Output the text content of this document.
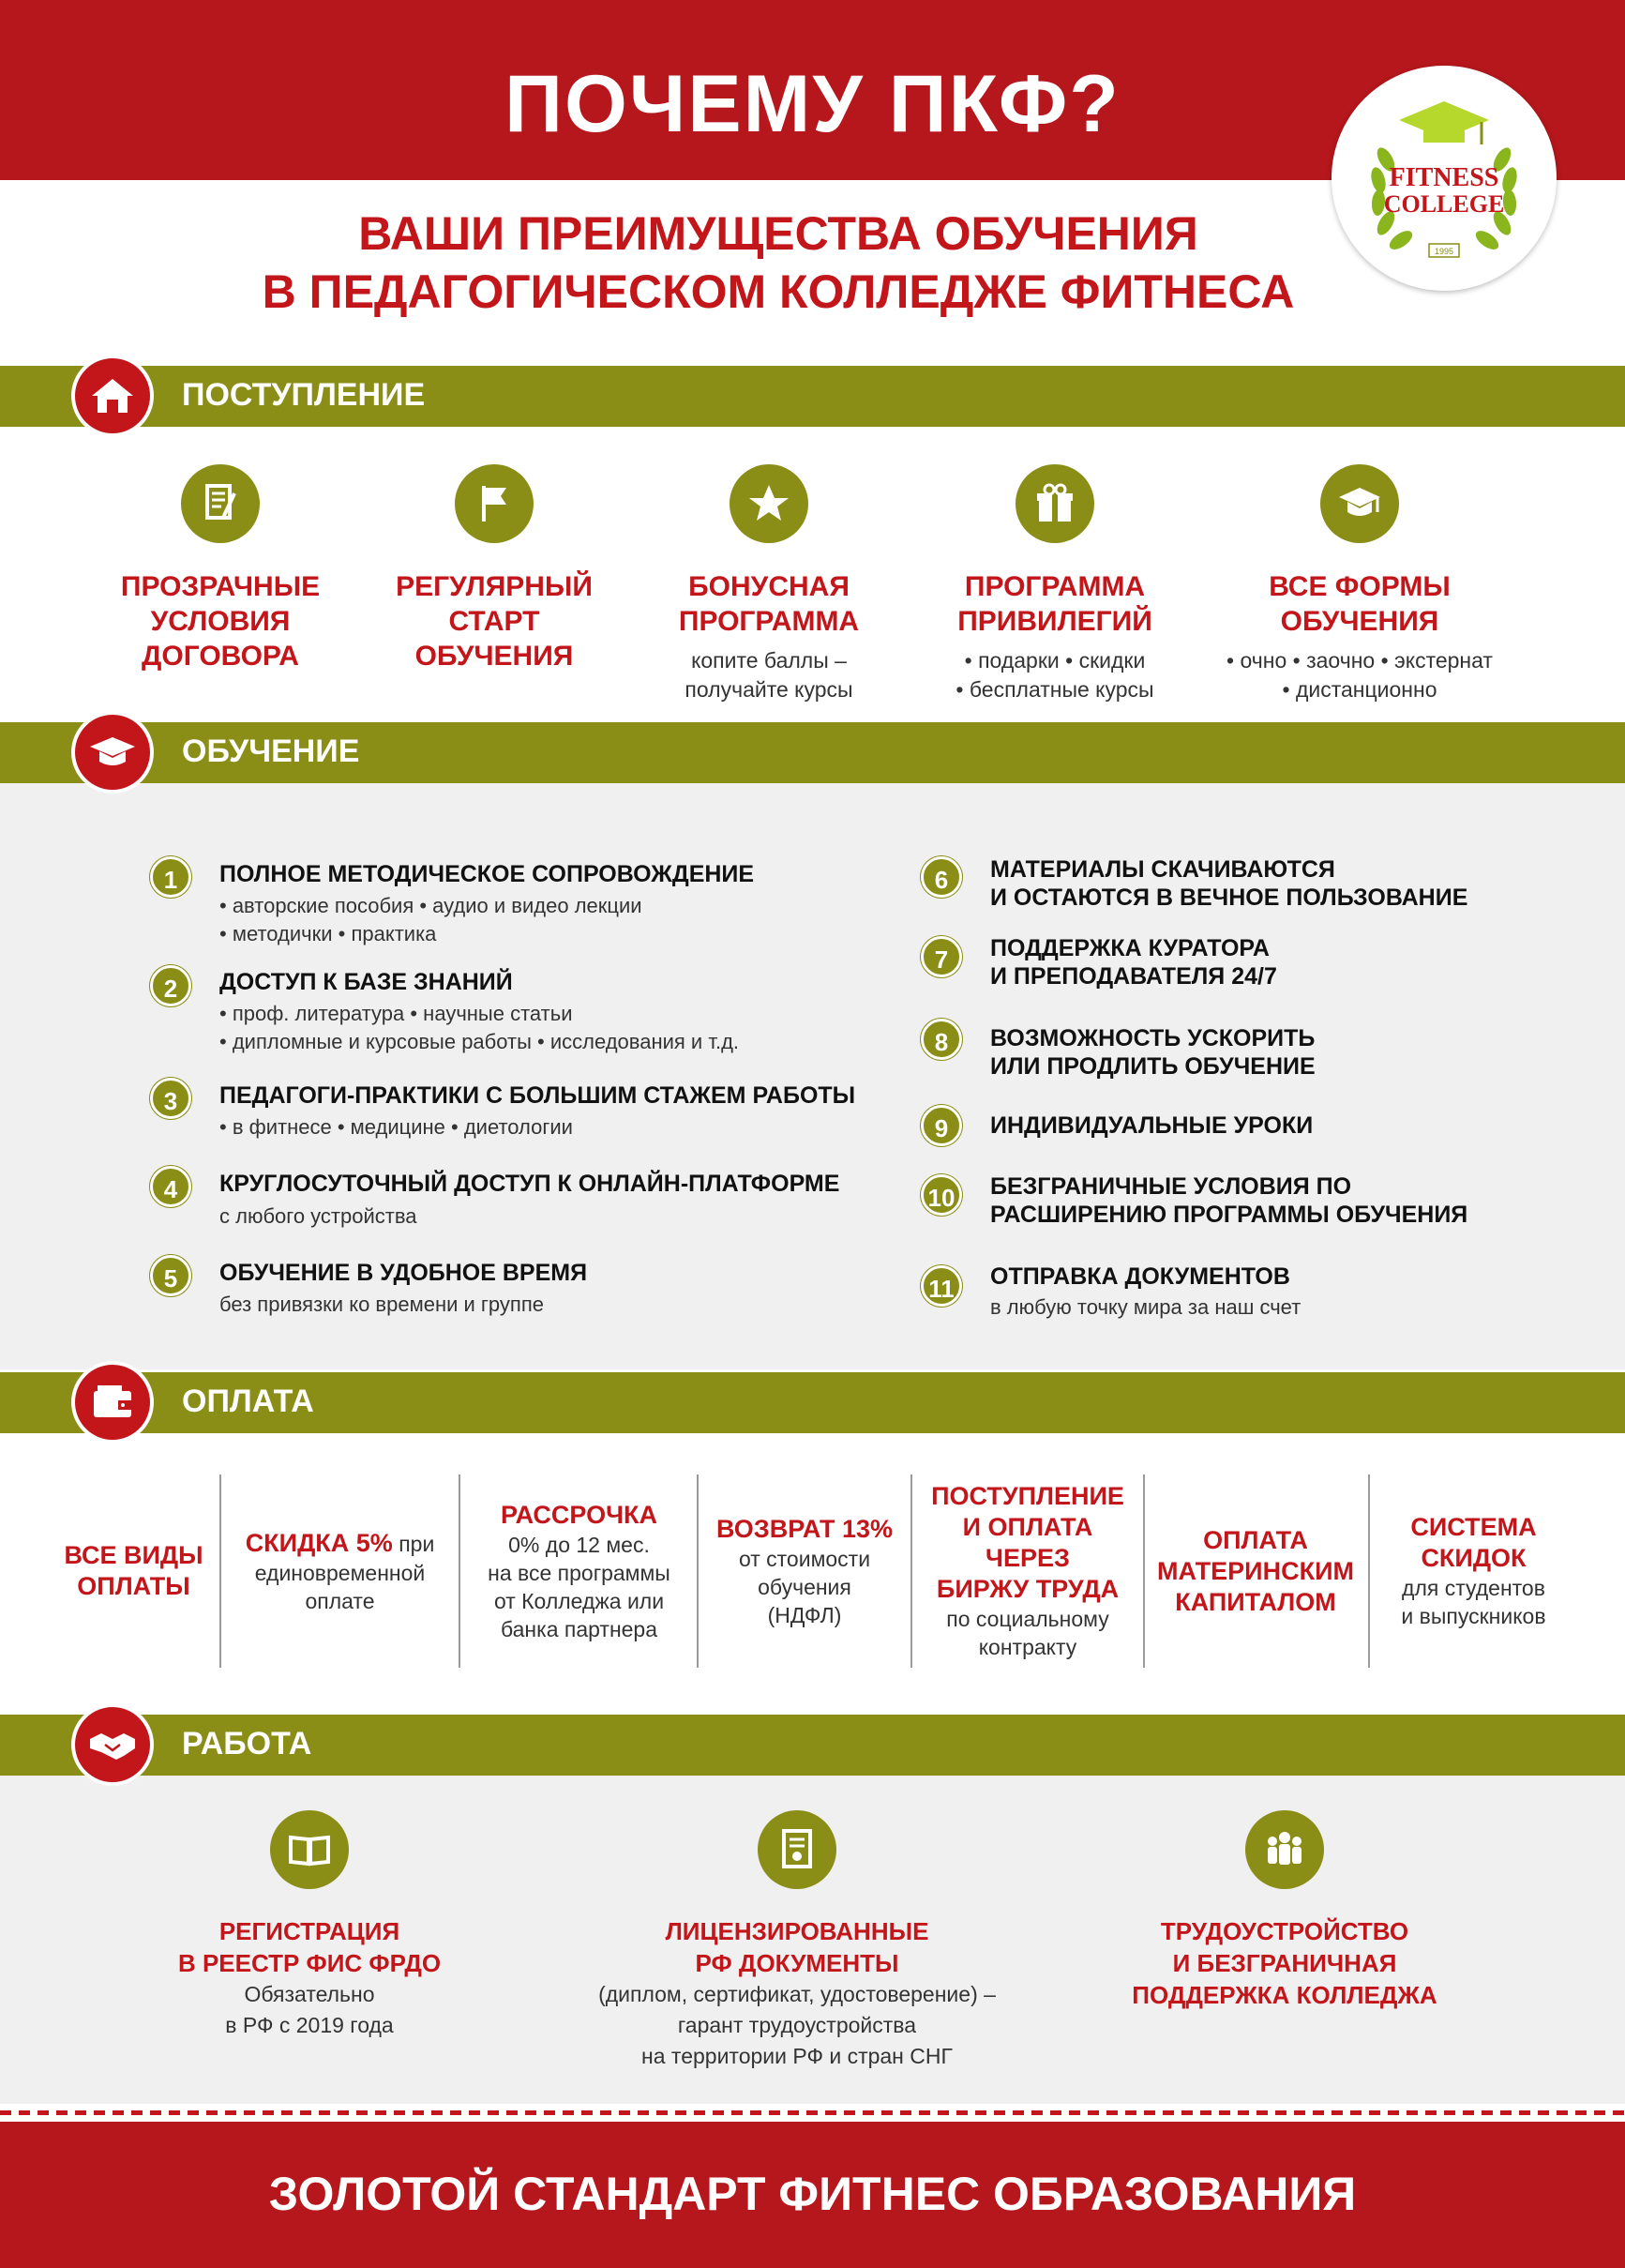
ПОЧЕМУ ПКФ?
ВАШИ ПРЕИМУЩЕСТВА ОБУЧЕНИЯ
В ПЕДАГОГИЧЕСКОМ КОЛЛЕДЖЕ ФИТНЕСА
FITNESS
COLLEGE
1995
ПОСТУПЛЕНИЕ
ПРОЗРАЧНЫЕ
УСЛОВИЯ
ДОГОВОРА
РЕГУЛЯРНЫЙ
СТАРТ
ОБУЧЕНИЯ
БОНУСНАЯ
ПРОГРАММА
копите баллы –
получайте курсы
ПРОГРАММА
ПРИВИЛЕГИЙ
• подарки • скидки
• бесплатные курсы
ВСЕ ФОРМЫ
ОБУЧЕНИЯ
• очно • заочно • экстернат
• дистанционно
ОБУЧЕНИЕ
1	ПОЛНОЕ МЕТОДИЧЕСКОЕ СОПРОВОЖДЕНИЕ
• авторские пособия • аудио и видео лекции
• методички • практика
2	ДОСТУП К БАЗЕ ЗНАНИЙ
• проф. литература • научные статьи
• дипломные и курсовые работы • исследования и т.д.
3	ПЕДАГОГИ-ПРАКТИКИ С БОЛЬШИМ СТАЖЕМ РАБОТЫ
• в фитнесе • медицине • диетологии
4	КРУГЛОСУТОЧНЫЙ ДОСТУП К ОНЛАЙН-ПЛАТФОРМЕ
с любого устройства
5	ОБУЧЕНИЕ В УДОБНОЕ ВРЕМЯ
без привязки ко времени и группе
6	МАТЕРИАЛЫ СКАЧИВАЮТСЯ
И ОСТАЮТСЯ В ВЕЧНОЕ ПОЛЬЗОВАНИЕ
7	ПОДДЕРЖКА КУРАТОРА
И ПРЕПОДАВАТЕЛЯ 24/7
8	ВОЗМОЖНОСТЬ УСКОРИТЬ
ИЛИ ПРОДЛИТЬ ОБУЧЕНИЕ
9	ИНДИВИДУАЛЬНЫЕ УРОКИ
10	БЕЗГРАНИЧНЫЕ УСЛОВИЯ ПО
РАСШИРЕНИЮ ПРОГРАММЫ ОБУЧЕНИЯ
11	ОТПРАВКА ДОКУМЕНТОВ
в любую точку мира за наш счет
ОПЛАТА
ВСЕ ВИДЫ
ОПЛАТЫ
СКИДКА 5% при
единовременной
оплате
РАССРОЧКА
0% до 12 мес.
на все программы
от Колледжа или
банка партнера
ВОЗВРАТ 13%
от стоимости
обучения
(НДФЛ)
ПОСТУПЛЕНИЕ
И ОПЛАТА
ЧЕРЕЗ
БИРЖУ ТРУДА
по социальному
контракту
ОПЛАТА
МАТЕРИНСКИМ
КАПИТАЛОМ
СИСТЕМА
СКИДОК
для студентов
и выпускников
РАБОТА
РЕГИСТРАЦИЯ
В РЕЕСТР ФИС ФРДО
Обязательно
в РФ с 2019 года
ЛИЦЕНЗИРОВАННЫЕ
РФ ДОКУМЕНТЫ
(диплом, сертификат, удостоверение) –
гарант трудоустройства
на территории РФ и стран СНГ
ТРУДОУСТРОЙСТВО
И БЕЗГРАНИЧНАЯ
ПОДДЕРЖКА КОЛЛЕДЖА
ЗОЛОТОЙ СТАНДАРТ ФИТНЕС ОБРАЗОВАНИЯ
